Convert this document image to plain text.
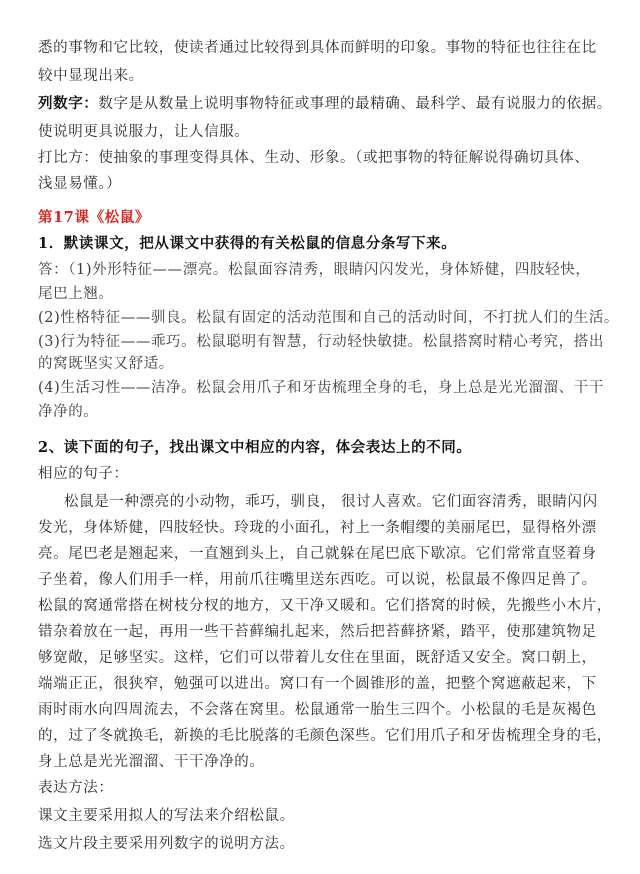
悉的事物和它比较，使读者通过比较得到具体而鲜明的印象。事物的特征也往往在比
较中显现出来。
列数字：数字是从数量上说明事物特征或事理的最精确、最科学、最有说服力的依据。
使说明更具说服力，让人信服。
打比方：使抽象的事理变得具体、生动、形象。（或把事物的特征解说得确切具体、
浅显易懂。）
第17课《松鼠》
1．默读课文，把从课文中获得的有关松鼠的信息分条写下来。
答：（1)外形特征——漂亮。松鼠面容清秀，眼睛闪闪发光，身体矫健，四肢轻快，
尾巴上翘。
(2)性格特征——驯良。松鼠有固定的活动范围和自己的活动时间，不打扰人们的生活。
(3)行为特征——乖巧。松鼠聪明有智慧，行动轻快敏捷。松鼠搭窝时精心考究，搭出
的窝既坚实又舒适。
(4)生活习性——洁净。松鼠会用爪子和牙齿梳理全身的毛，身上总是光光溜溜、干干
净净的。
2、读下面的句子，找出课文中相应的内容，体会表达上的不同。
相应的句子：
松鼠是一种漂亮的小动物，乖巧，驯良， 很讨人喜欢。它们面容清秀，眼睛闪闪
发光，身体矫健，四肢轻快。玲珑的小面孔，衬上一条帽缨的美丽尾巴，显得格外漂
亮。尾巴老是翘起来，一直翘到头上，自己就躲在尾巴底下歇凉。它们常常直竖着身
子坐着，像人们用手一样，用前爪往嘴里送东西吃。可以说，松鼠最不像四足兽了。
松鼠的窝通常搭在树枝分杈的地方，又干净又暖和。它们搭窝的时候，先搬些小木片，
错杂着放在一起，再用一些干苔藓编扎起来，然后把苔藓挤紧，踏平，使那建筑物足
够宽敞，足够坚实。这样，它们可以带着儿女住在里面，既舒适又安全。窝口朝上，
端端正正，很狭窄，勉强可以进出。窝口有一个圆锥形的盖，把整个窝遮蔽起来，下
雨时雨水向四周流去，不会落在窝里。松鼠通常一胎生三四个。小松鼠的毛是灰褐色
的，过了冬就换毛，新换的毛比脱落的毛颜色深些。它们用爪子和牙齿梳理全身的毛，
身上总是光光溜溜、干干净净的。
表达方法：
课文主要采用拟人的写法来介绍松鼠。
选文片段主要采用列数字的说明方法。
